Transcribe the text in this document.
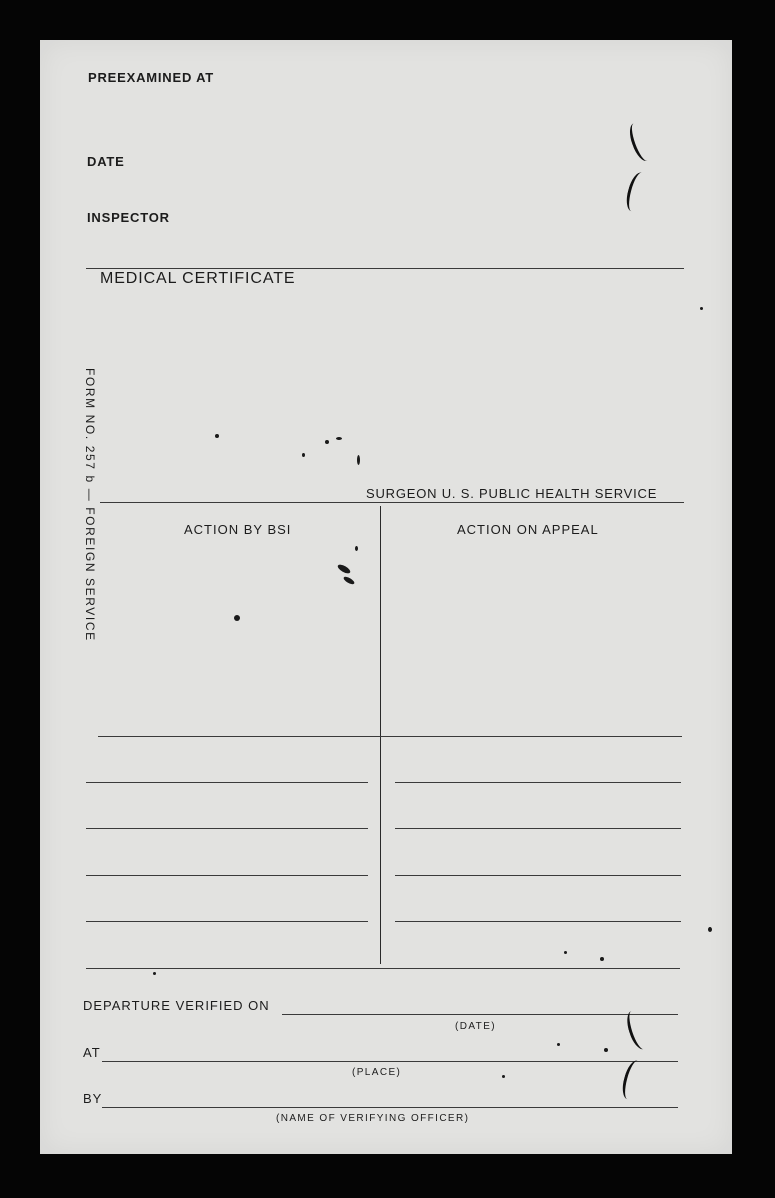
PREEXAMINED AT
DATE
INSPECTOR
MEDICAL CERTIFICATE
FORM NO. 257 b — FOREIGN SERVICE	SURGEON U. S. PUBLIC HEALTH SERVICE
ACTION BY BSI	ACTION ON APPEAL
DEPARTURE VERIFIED ON
(DATE)
AT
(PLACE)
BY
(NAME OF VERIFYING OFFICER)
